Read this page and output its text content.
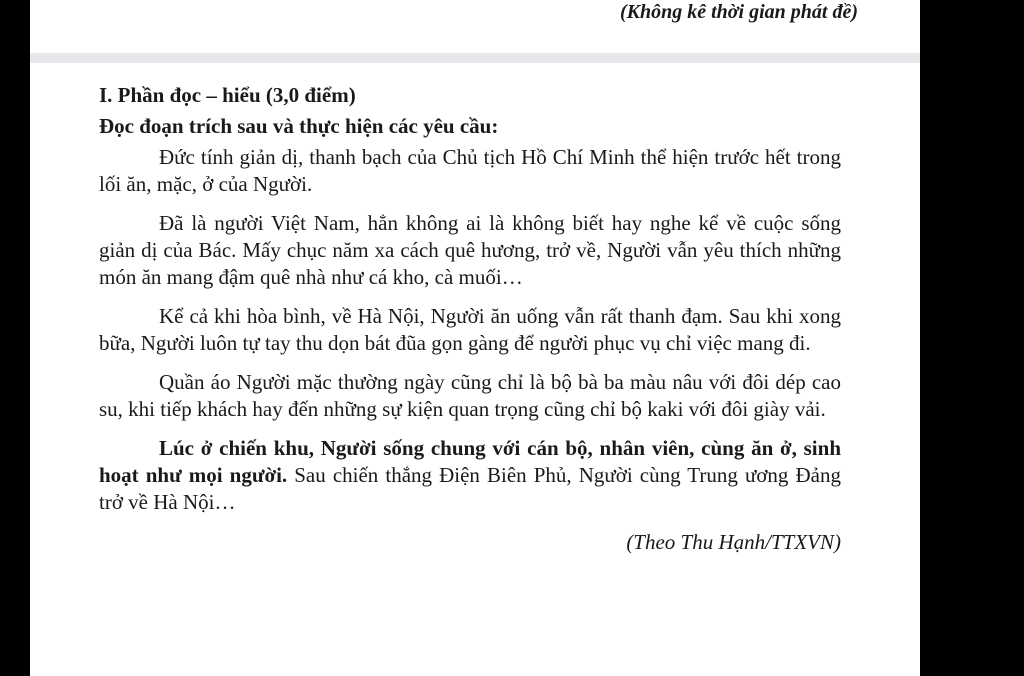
(Không kê thời gian phát đề)

I. Phần đọc – hiểu (3,0 điểm)

Đọc đoạn trích sau và thực hiện các yêu cầu:

Đức tính giản dị, thanh bạch của Chủ tịch Hồ Chí Minh thể hiện trước hết trong lối ăn, mặc, ở của Người.

Đã là người Việt Nam, hẳn không ai là không biết hay nghe kể về cuộc sống giản dị của Bác. Mấy chục năm xa cách quê hương, trở về, Người vẫn yêu thích những món ăn mang đậm quê nhà như cá kho, cà muối…

Kể cả khi hòa bình, về Hà Nội, Người ăn uống vẫn rất thanh đạm. Sau khi xong bữa, Người luôn tự tay thu dọn bát đũa gọn gàng để người phục vụ chỉ việc mang đi.

Quần áo Người mặc thường ngày cũng chỉ là bộ bà ba màu nâu với đôi dép cao su, khi tiếp khách hay đến những sự kiện quan trọng cũng chỉ bộ kaki với đôi giày vải.

Lúc ở chiến khu, Người sống chung với cán bộ, nhân viên, cùng ăn ở, sinh hoạt như mọi người. Sau chiến thắng Điện Biên Phủ, Người cùng Trung ương Đảng trở về Hà Nội…

(Theo Thu Hạnh/TTXVN)
